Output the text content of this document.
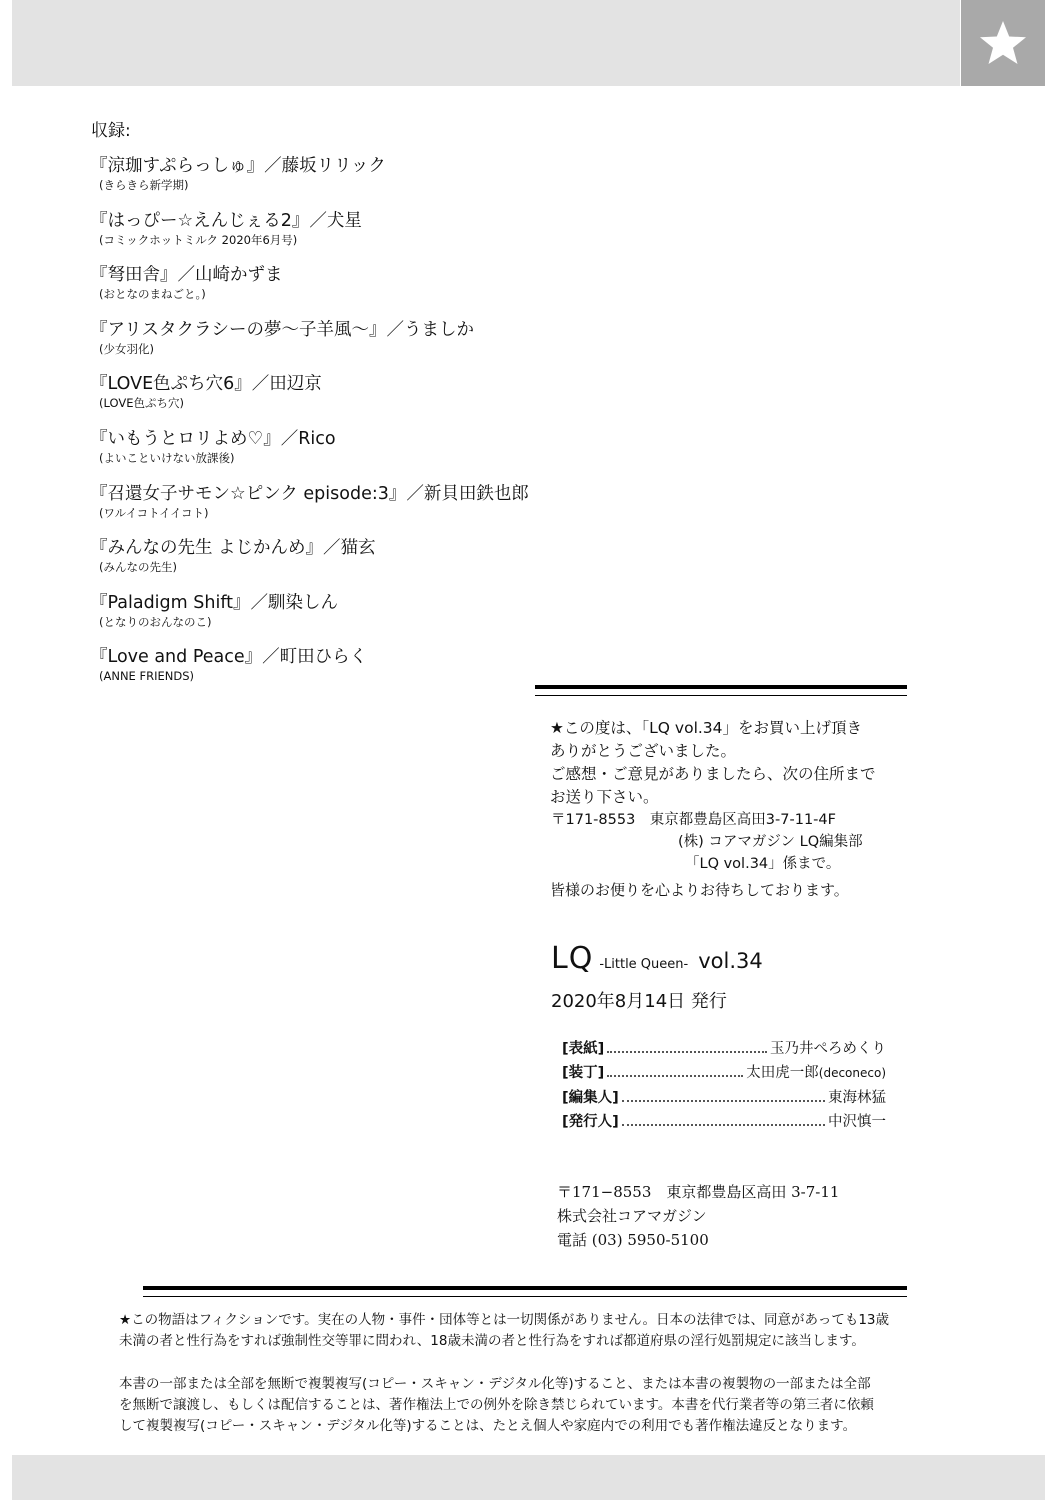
収録:
『涼珈すぷらっしゅ』／藤坂リリック
(きらきら新学期)
『はっぴー☆えんじぇる2』／犬星
(コミックホットミルク 2020年6月号)
『弩田舎』／山崎かずま
(おとなのまねごと。)
『アリスタクラシーの夢〜子羊風〜』／うましか
(少女羽化)
『LOVE色ぷち穴6』／田辺京
(LOVE色ぷち穴)
『いもうとロリよめ♡』／Rico
(よいこといけない放課後)
『召還女子サモン☆ピンク episode:3』／新貝田鉄也郎
(ワルイコトイイコト)
『みんなの先生 よじかんめ』／猫玄
(みんなの先生)
『Paladigm Shift』／馴染しん
(となりのおんなのこ)
『Love and Peace』／町田ひらく
(ANNE FRIENDS)

★この度は、「LQ vol.34」をお買い上げ頂き

ありがとうございました。

ご感想・ご意見がありましたら、次の住所まで

お送り下さい。

〒171-8553　東京都豊島区高田3-7-11-4F
(株) コアマガジン LQ編集部
「LQ vol.34」係まで。
皆様のお便りを心よりお待ちしております。
LQ -Little Queen- vol.34
2020年8月14日 発行
[表紙]	玉乃井ぺろめくり
[装丁]	太田虎一郎(deconeco)
[編集人]	東海林猛
[発行人]	中沢慎一
〒171−8553　東京都豊島区高田 3-7-11
株式会社コアマガジン
電話 (03) 5950-5100

★この物語はフィクションです。実在の人物・事件・団体等とは一切関係がありません。日本の法律では、同意があっても13歳

未満の者と性行為をすれば強制性交等罪に問われ、18歳未満の者と性行為をすれば都道府県の淫行処罰規定に該当します。

本書の一部または全部を無断で複製複写(コピー・スキャン・デジタル化等)すること、または本書の複製物の一部または全部

を無断で譲渡し、もしくは配信することは、著作権法上での例外を除き禁じられています。本書を代行業者等の第三者に依頼

して複製複写(コピー・スキャン・デジタル化等)することは、たとえ個人や家庭内での利用でも著作権法違反となります。
